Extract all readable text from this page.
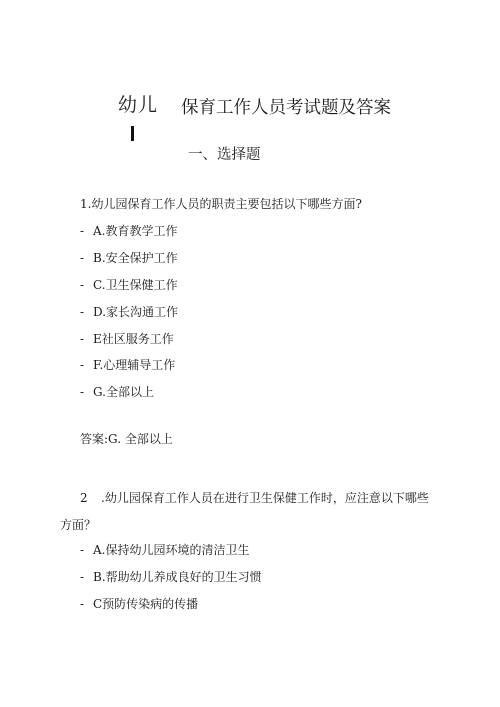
幼儿 保育工作人员考试题及答案
一、选择题
1.幼儿园保育工作人员的职责主要包括以下哪些方面?
- A.教育教学工作
- B.安全保护工作
- C.卫生保健工作
- D.家长沟通工作
- E社区服务工作
- F.心理辅导工作
- G.全部以上
答案:G. 全部以上
2 .幼儿园保育工作人员在进行卫生保健工作时，应注意以下哪些
方面？
- A.保持幼儿园环境的清洁卫生
- B.帮助幼儿养成良好的卫生习惯
- C预防传染病的传播
